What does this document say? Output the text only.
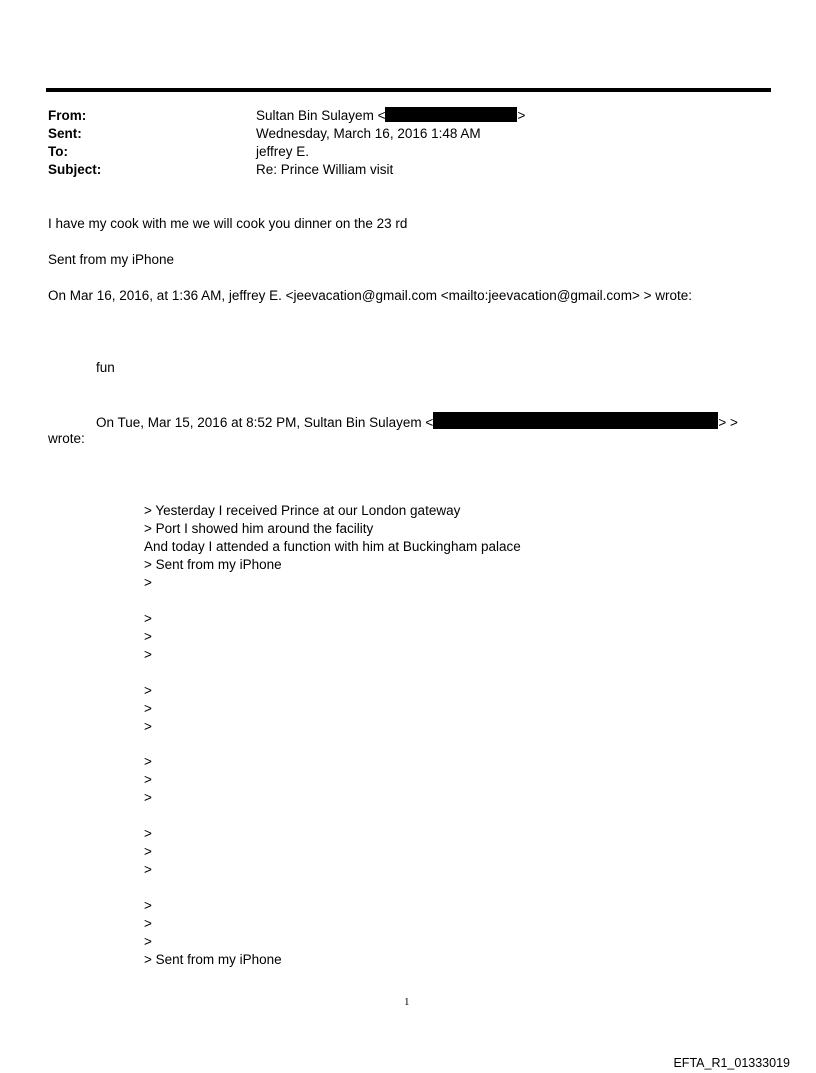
From:	Sultan Bin Sulayem <	>
Sent:	Wednesday, March 16, 2016 1:48 AM
To:	jeffrey E.
Subject:	Re: Prince William visit
I have my cook with me we will cook you dinner on the 23 rd
Sent from my iPhone
On Mar 16, 2016, at 1:36 AM, jeffrey E. <jeevacation@gmail.com <mailto:jeevacation@gmail.com> > wrote:
fun
On Tue, Mar 15, 2016 at 8:52 PM, Sultan Bin Sulayem <	> >
wrote:
> Yesterday I received Prince at our London gateway
> Port I showed him around the facility
And today I attended a function with him at Buckingham palace
> Sent from my iPhone
>
>
>
>
>
>
>
>
>
>
>
>
>
>
>
>
> Sent from my iPhone
1
EFTA_R1_01333019
